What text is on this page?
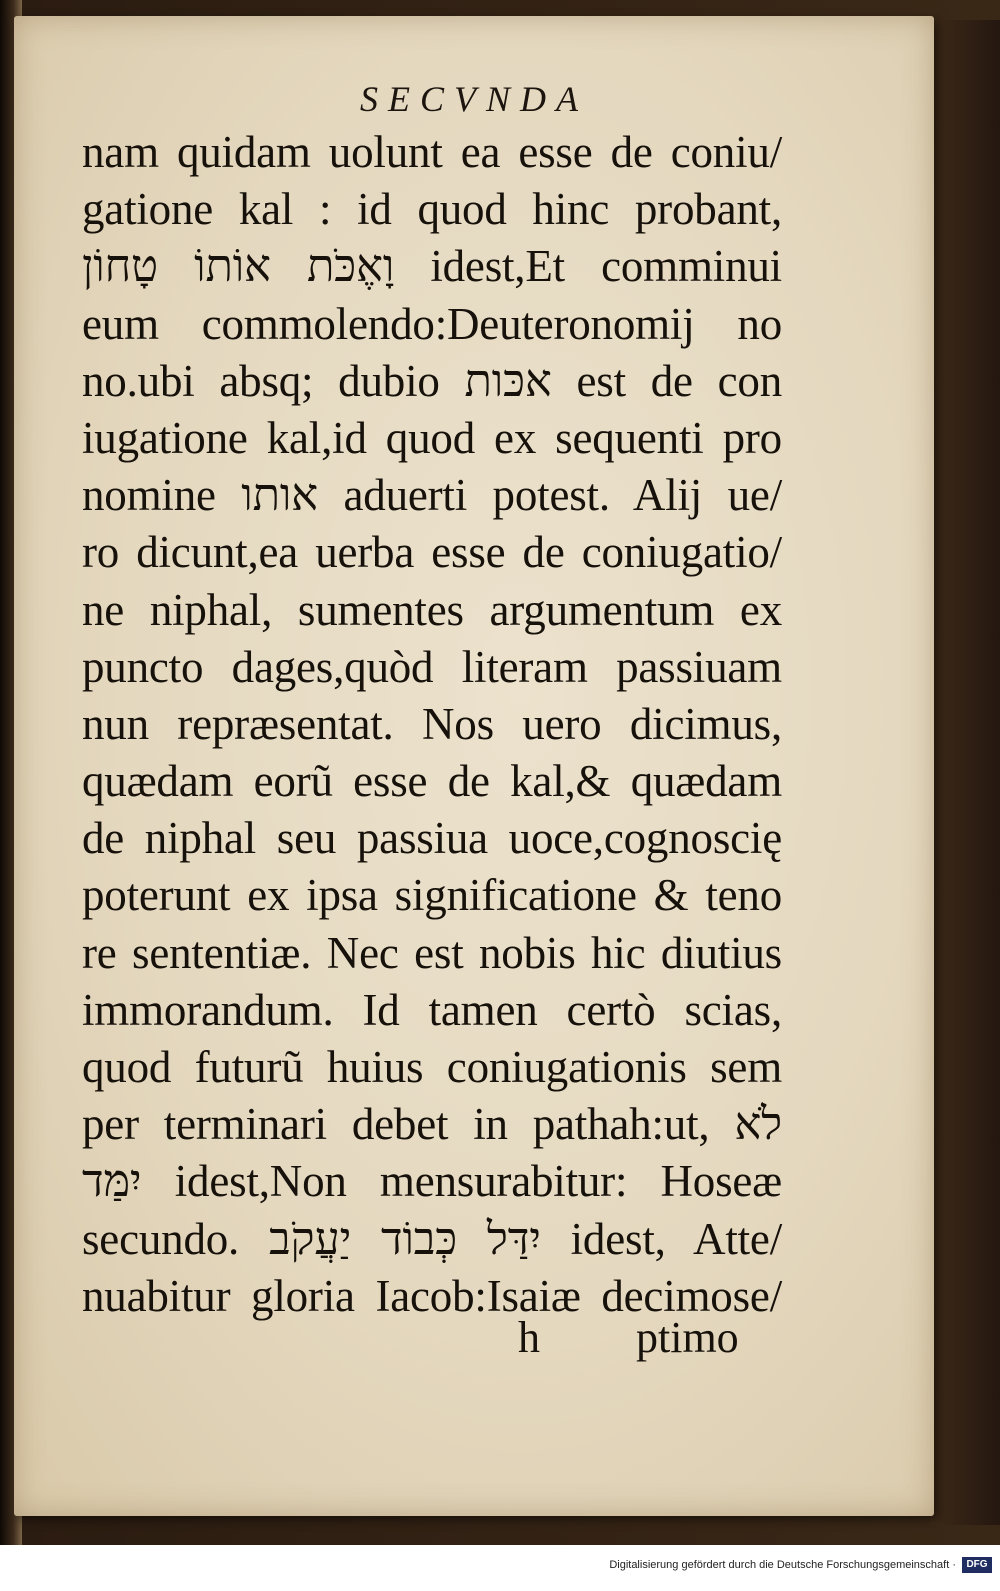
SECVNDA
nam quidam uolunt ea esse de coniu/
gatione kal : id quod hinc probant,
וָאֶכֹּת אוֹתוֹ טָחוֹן idest,Et comminui
eum commolendo:Deuteronomij no
no.ubi absq; dubio אכּות est de con
iugatione kal,id quod ex sequenti pro
nomine אותו aduerti potest. Alij ue/
ro dicunt,ea uerba esse de coniugatio/
ne niphal, sumentes argumentum ex
puncto dages,quòd literam passiuam
nun repræsentat. Nos uero dicimus,
quædam eorũ esse de kal,& quædam
de niphal seu passiua uoce,cognoscię
poterunt ex ipsa significatione & teno
re sententiæ. Nec est nobis hic diutius
immorandum. Id tamen certò scias,
quod futurũ huius coniugationis sem
per terminari debet in pathah:ut, לֹא
יִמַּד idest,Non mensurabitur: Hoseæ
secundo. יִדַּל כְּבוֹד יַעֲקֹב idest, Atte/
nuabitur gloria Iacob:Isaiæ decimose/
h ptimo
Digitalisierung gefördert durch die Deutsche Forschungsgemeinschaft ·	DFG
